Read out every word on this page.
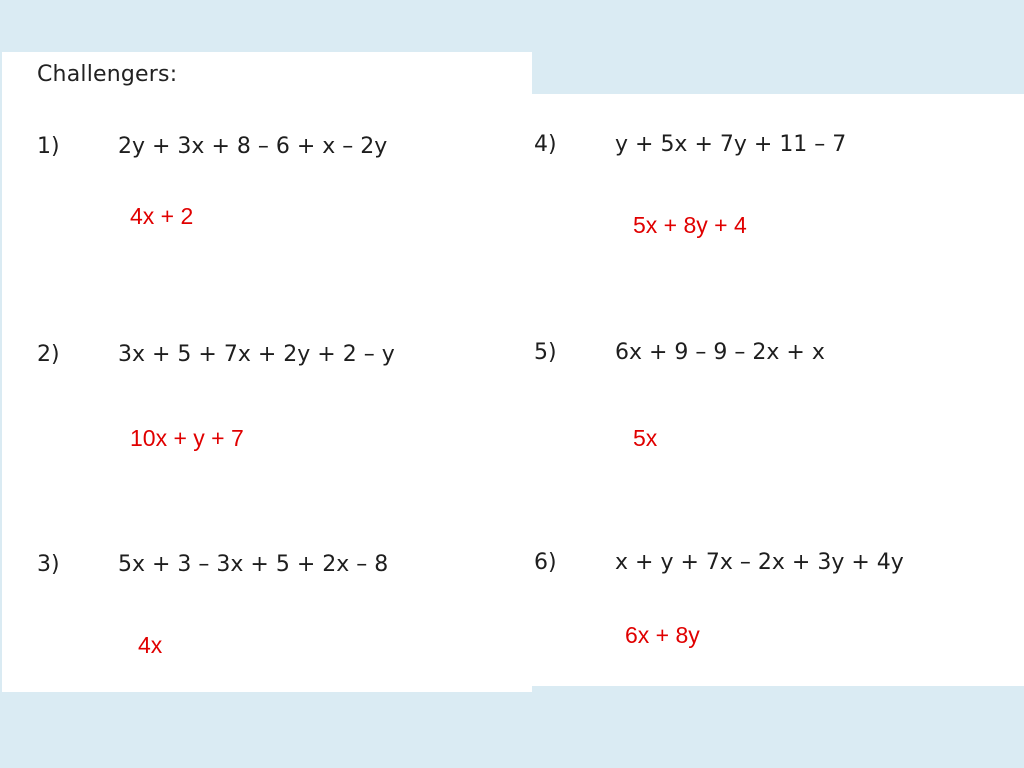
Challengers:
1)	2y + 3x + 8 – 6 + x – 2y
4x + 2
2)	3x + 5 + 7x + 2y + 2 – y
10x + y + 7
3)	5x + 3 – 3x + 5 + 2x – 8
4x
4)	y + 5x + 7y + 11 – 7
5x + 8y + 4
5)	6x + 9 – 9 – 2x + x
5x
6)	x + y + 7x – 2x + 3y + 4y
6x + 8y
